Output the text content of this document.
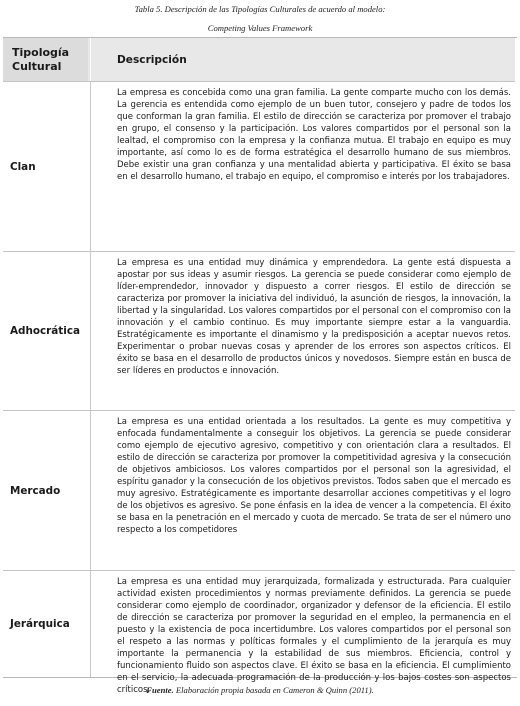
Tabla 5. Descripción de las Tipologías Culturales de acuerdo al modelo:
Competing Values Framework
Tipología Cultural	Descripción
Clan
La empresa es concebida como una gran familia. La gente comparte mucho con los demás. La gerencia es entendida como ejemplo de un buen tutor, consejero y padre de todos los que conforman la gran familia. El estilo de dirección se caracteriza por promover el trabajo en grupo, el consenso y la participación. Los valores compartidos por el personal son la lealtad, el compromiso con la empresa y la confianza mutua. El trabajo en equipo es muy importante, así como lo es de forma estratégica el desarrollo humano de sus miembros. Debe existir una gran confianza y una mentalidad abierta y participativa. El éxito se basa en el desarrollo humano, el trabajo en equipo, el compromiso e interés por los trabajadores.
Adhocrática
La empresa es una entidad muy dinámica y emprendedora. La gente está dispuesta a apostar por sus ideas y asumir riesgos. La gerencia se puede considerar como ejemplo de líder-emprendedor, innovador y dispuesto a correr riesgos. El estilo de dirección se caracteriza por promover la iniciativa del individuó, la asunción de riesgos, la innovación, la libertad y la singularidad. Los valores compartidos por el personal con el compromiso con la innovación y el cambio continuo. Es muy importante siempre estar a la vanguardia. Estratégicamente es importante el dinamismo y la predisposición a aceptar nuevos retos. Experimentar o probar nuevas cosas y aprender de los errores son aspectos críticos. El éxito se basa en el desarrollo de productos únicos y novedosos. Siempre están en busca de ser líderes en productos e innovación.
Mercado
La empresa es una entidad orientada a los resultados. La gente es muy competitiva y enfocada fundamentalmente a conseguir los objetivos. La gerencia se puede considerar como ejemplo de ejecutivo agresivo, competitivo y con orientación clara a resultados. El estilo de dirección se caracteriza por promover la competitividad agresiva y la consecución de objetivos ambiciosos. Los valores compartidos por el personal son la agresividad, el espíritu ganador y la consecución de los objetivos previstos. Todos saben que el mercado es muy agresivo. Estratégicamente es importante desarrollar acciones competitivas y el logro de los objetivos es agresivo. Se pone énfasis en la idea de vencer a la competencia. El éxito se basa en la penetración en el mercado y cuota de mercado. Se trata de ser el número uno respecto a los competidores
Jerárquica
La empresa es una entidad muy jerarquizada, formalizada y estructurada. Para cualquier actividad existen procedimientos y normas previamente definidos. La gerencia se puede considerar como ejemplo de coordinador, organizador y defensor de la eficiencia. El estilo de dirección se caracteriza por promover la seguridad en el empleo, la permanencia en el puesto y la existencia de poca incertidumbre. Los valores compartidos por el personal son el respeto a las normas y políticas formales y el cumplimiento de la jerarquía es muy importante la permanencia y la estabilidad de sus miembros. Eficiencia, control y funcionamiento fluido son aspectos clave. El éxito se basa en la eficiencia. El cumplimiento en el servicio, la adecuada programación de la producción y los bajos costes son aspectos críticos.
Fuente. Elaboración propia basada en Cameron & Quinn (2011).
